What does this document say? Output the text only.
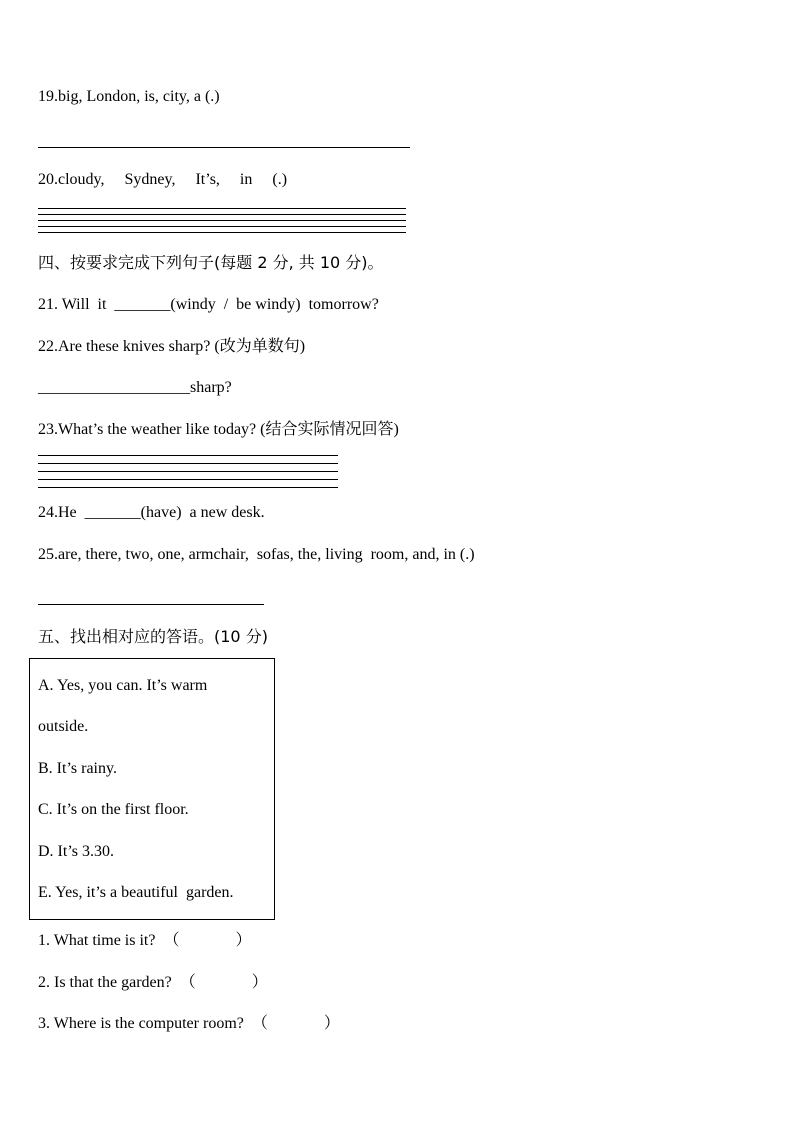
19.big, London, is, city, a (.)
20.cloudy,     Sydney,     It’s,     in     (.)
四、按要求完成下列句子(每题 2 分, 共 10 分)。
21. Will  it  _______(windy  /  be windy)  tomorrow?
22.Are these knives sharp? (改为单数句)
___________________sharp?
23.What’s the weather like today? (结合实际情况回答)
24.He  _______(have)  a new desk.
25.are, there, two, one, armchair,  sofas, the, living  room, and, in (.)
五、找出相对应的答语。(10 分)
A. Yes, you can. It’s warm
outside.
B. It’s rainy.
C. It’s on the first floor.
D. It’s 3.30.
E. Yes, it’s a beautiful  garden.
1. What time is it?  （              ）
2. Is that the garden?  （              ）
3. Where is the computer room?  （              ）
